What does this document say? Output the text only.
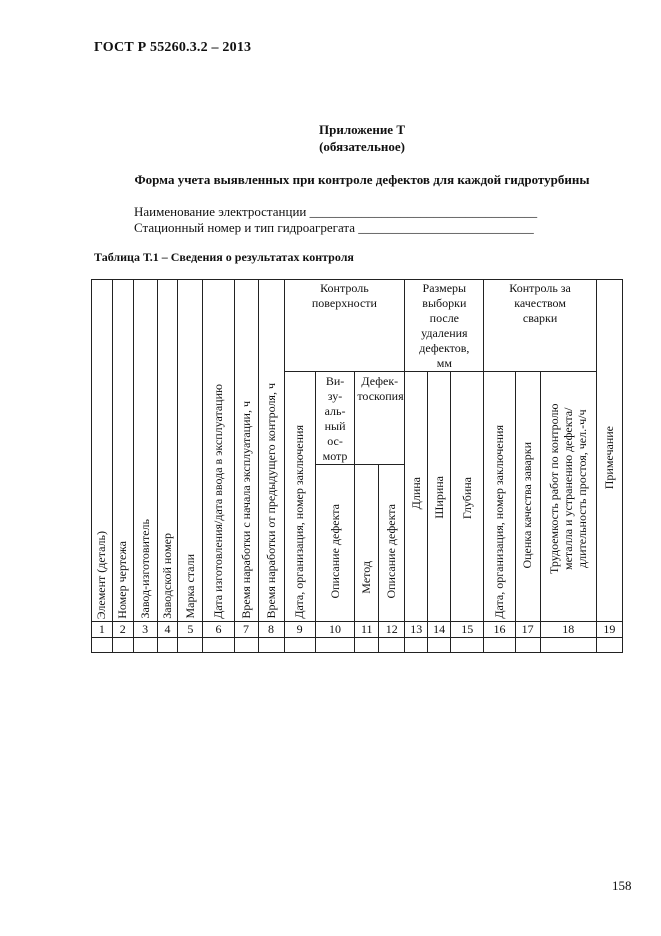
ГОСТ Р 55260.3.2 – 2013
Приложение Т
(обязательное)
Форма учета выявленных при контроле дефектов для каждой гидротурбины
Наименование электростанции ___________________________________
Стационный номер и тип гидроагрегата ___________________________
Таблица Т.1 – Сведения о результатах контроля
Элемент (деталь)	Номер чертежа	Завод-изготовитель	Заводской номер	Марка стали	Дата изготовления/дата ввода в эксплуатацию	Время наработки с начала эксплуатации, ч	Время наработки от предыдущего контроля, ч	Контроль поверхности				Размеры выборки после удаления дефектов, мм			Контроль за качеством сварки			Примечание

								Дата, организация, номер заключения	Ви- зу- аль- ный ос- мотр	Дефек- тоскопия		Длина	Ширина	Глубина	Дата, организация, номер заключения	Оценка качества заварки	Трудоемкость работ по контролю металла и устранению дефекта/ длительность простоя, чел.-ч/ч	

									Описание дефекта	Метод	Описание дефекта							

1	2	3	4	5	6	7	8	9	10	11	12	13	14	15	16	17	18	19

158
